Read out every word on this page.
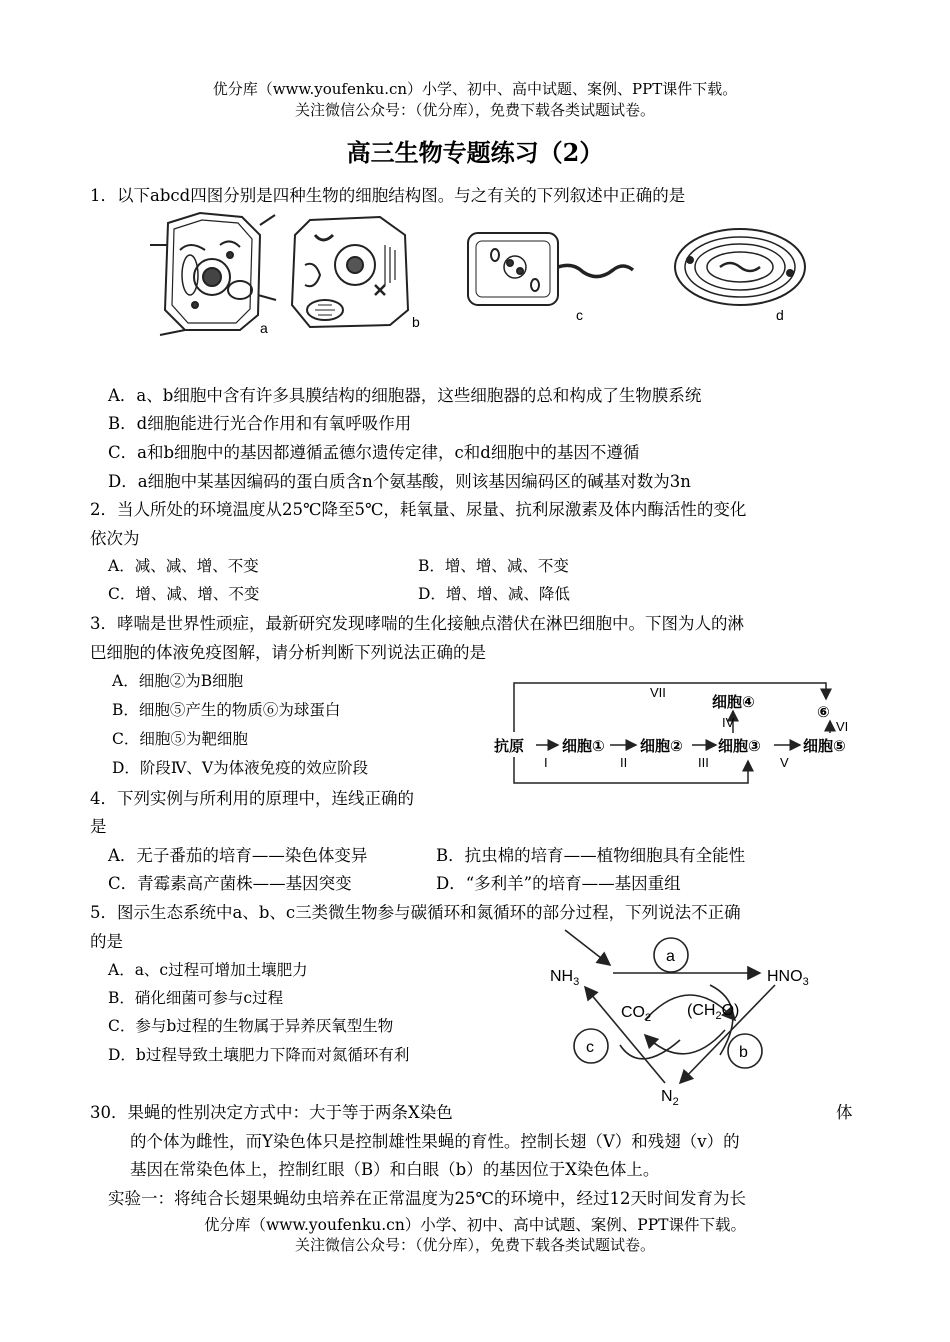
优分库（www.youfenku.cn）小学、初中、高中试题、案例、PPT课件下载。
关注微信公众号：（优分库），免费下载各类试题试卷。
高三生物专题练习（2）
1．以下abcd四图分别是四种生物的细胞结构图。与之有关的下列叙述中正确的是
a	b	c	d
A．a、b细胞中含有许多具膜结构的细胞器，这些细胞器的总和构成了生物膜系统
B．d细胞能进行光合作用和有氧呼吸作用
C．a和b细胞中的基因都遵循孟德尔遗传定律，c和d细胞中的基因不遵循
D．a细胞中某基因编码的蛋白质含n个氨基酸，则该基因编码区的碱基对数为3n
2．当人所处的环境温度从25℃降至5℃，耗氧量、尿量、抗利尿激素及体内酶活性的变化
依次为
A．减、减、增、不变	B．增、增、减、不变
C．增、减、增、不变	D．增、增、减、降低
3．哮喘是世界性顽症，最新研究发现哮喘的生化接触点潜伏在淋巴细胞中。下图为人的淋
巴细胞的体液免疫图解，请分析判断下列说法正确的是
A．细胞②为B细胞
B．细胞⑤产生的物质⑥为球蛋白
C．细胞⑤为靶细胞
D．阶段Ⅳ、Ⅴ为体液免疫的效应阶段
抗原	细胞① 细胞② 细胞③
细胞④
细胞⑤
⑥
I	II	III
IV
V
VI
VII
4．下列实例与所利用的原理中，连线正确的
是
A．无子番茄的培育——染色体变异	B．抗虫棉的培育——植物细胞具有全能性
C．青霉素高产菌株——基因突变	D．“多利羊”的培育——基因重组
5．图示生态系统中a、b、c三类微生物参与碳循环和氮循环的部分过程，下列说法不正确
的是
A．a、c过程可增加土壤肥力
B．硝化细菌可参与c过程
C．参与b过程的生物属于异养厌氧型生物
D．b过程导致土壤肥力下降而对氮循环有利
$NH_3$	$HNO_3$
$CO_2$ $(CH_2O)$
$N_2$
a
c	b
30．果蝇的性别决定方式中：大于等于两条X染色	体
的个体为雌性，而Y染色体只是控制雄性果蝇的育性。控制长翅（V）和残翅（v）的
基因在常染色体上，控制红眼（B）和白眼（b）的基因位于X染色体上。
实验一：将纯合长翅果蝇幼虫培养在正常温度为25℃的环境中，经过12天时间发育为长
优分库（www.youfenku.cn）小学、初中、高中试题、案例、PPT课件下载。
关注微信公众号：（优分库），免费下载各类试题试卷。
